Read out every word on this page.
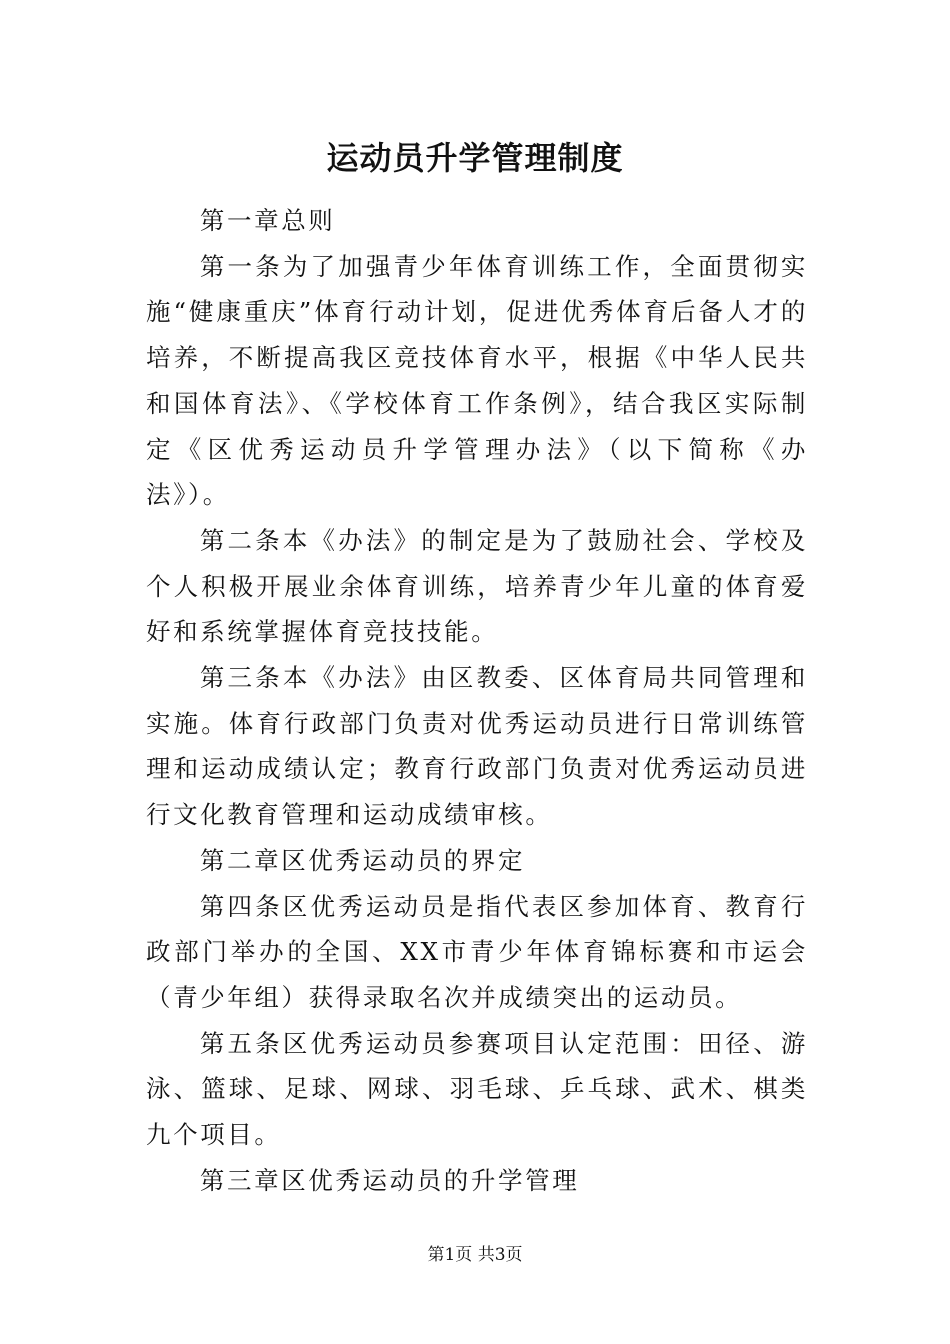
运动员升学管理制度

第一章总则

第一条为了加强青少年体育训练工作，全面贯彻实施“健康重庆”体育行动计划，促进优秀体育后备人才的培养，不断提高我区竞技体育水平，根据《中华人民共和国体育法》、《学校体育工作条例》，结合我区实际制定《区优秀运动员升学管理办法》（以下简称《办法》）。

第二条本《办法》的制定是为了鼓励社会、学校及个人积极开展业余体育训练，培养青少年儿童的体育爱好和系统掌握体育竞技技能。

第三条本《办法》由区教委、区体育局共同管理和实施。体育行政部门负责对优秀运动员进行日常训练管理和运动成绩认定；教育行政部门负责对优秀运动员进行文化教育管理和运动成绩审核。

第二章区优秀运动员的界定

第四条区优秀运动员是指代表区参加体育、教育行政部门举办的全国、XX市青少年体育锦标赛和市运会（青少年组）获得录取名次并成绩突出的运动员。

第五条区优秀运动员参赛项目认定范围：田径、游泳、篮球、足球、网球、羽毛球、乒乓球、武术、棋类九个项目。

第三章区优秀运动员的升学管理

第1页 共3页
